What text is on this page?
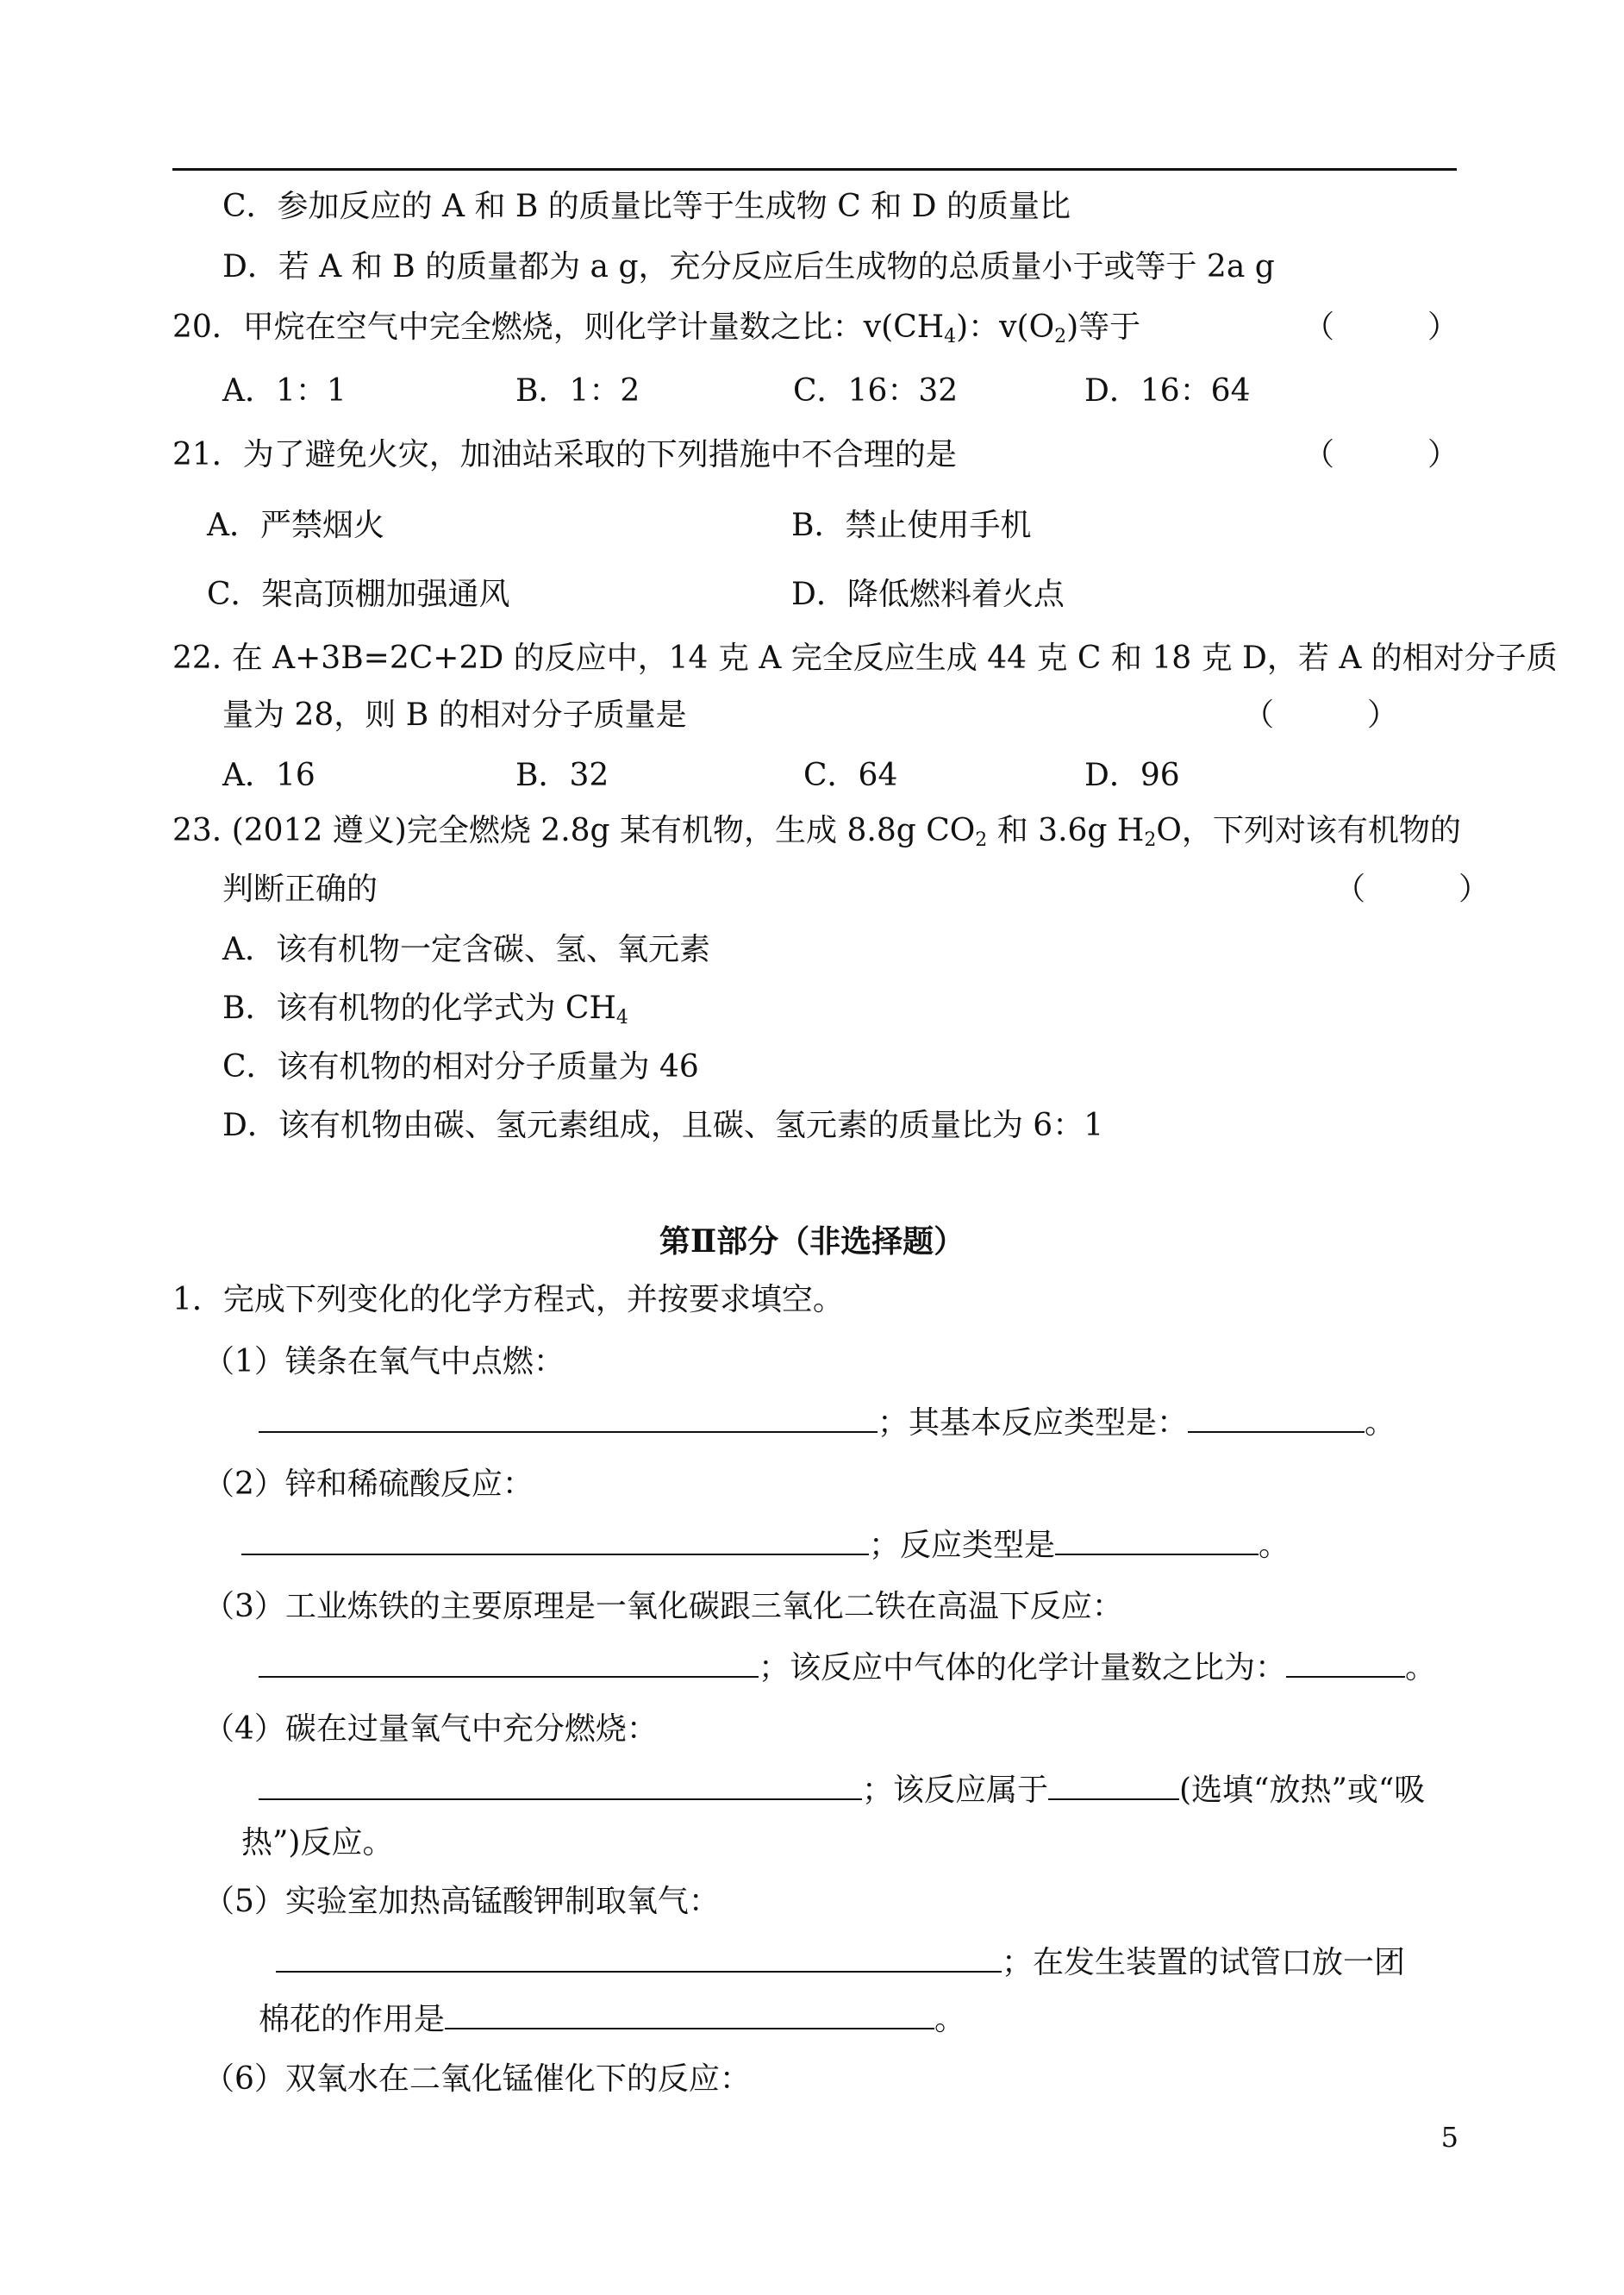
C．参加反应的 A 和 B 的质量比等于生成物 C 和 D 的质量比
D．若 A 和 B 的质量都为 a g，充分反应后生成物的总质量小于或等于 2a g
20．甲烷在空气中完全燃烧，则化学计量数之比：$v(CH_4)$：$v(O_2)$等于	（　　　）
A．1：1	B．1：2	C．16：32	D．16：64
21．为了避免火灾，加油站采取的下列措施中不合理的是	（　　　）
A．严禁烟火	B．禁止使用手机
C．架高顶棚加强通风	D．降低燃料着火点
22. 在 A+3B=2C+2D 的反应中，14 克 A 完全反应生成 44 克 C 和 18 克 D，若 A 的相对分子质
量为 28，则 B 的相对分子质量是	（　　　）
A．16	B．32	C．64	D．96
23. (2012 遵义)完全燃烧 2.8g 某有机物，生成 8.8g $CO_2$ 和 3.6g $H_2O$，下列对该有机物的
判断正确的	（　　　）
A．该有机物一定含碳、氢、氧元素
B．该有机物的化学式为 $CH_4$
C．该有机物的相对分子质量为 46
D．该有机物由碳、氢元素组成，且碳、氢元素的质量比为 6：1
第Ⅱ部分（非选择题）
1．完成下列变化的化学方程式，并按要求填空。
（1）镁条在氧气中点燃：
；其基本反应类型是：	。
（2）锌和稀硫酸反应：
；反应类型是	。
（3）工业炼铁的主要原理是一氧化碳跟三氧化二铁在高温下反应：
；该反应中气体的化学计量数之比为：	。
（4）碳在过量氧气中充分燃烧：
；该反应属于	(选填“放热”或“吸
热”)反应。
（5）实验室加热高锰酸钾制取氧气：
；在发生装置的试管口放一团
棉花的作用是	。
（6）双氧水在二氧化锰催化下的反应：
5
